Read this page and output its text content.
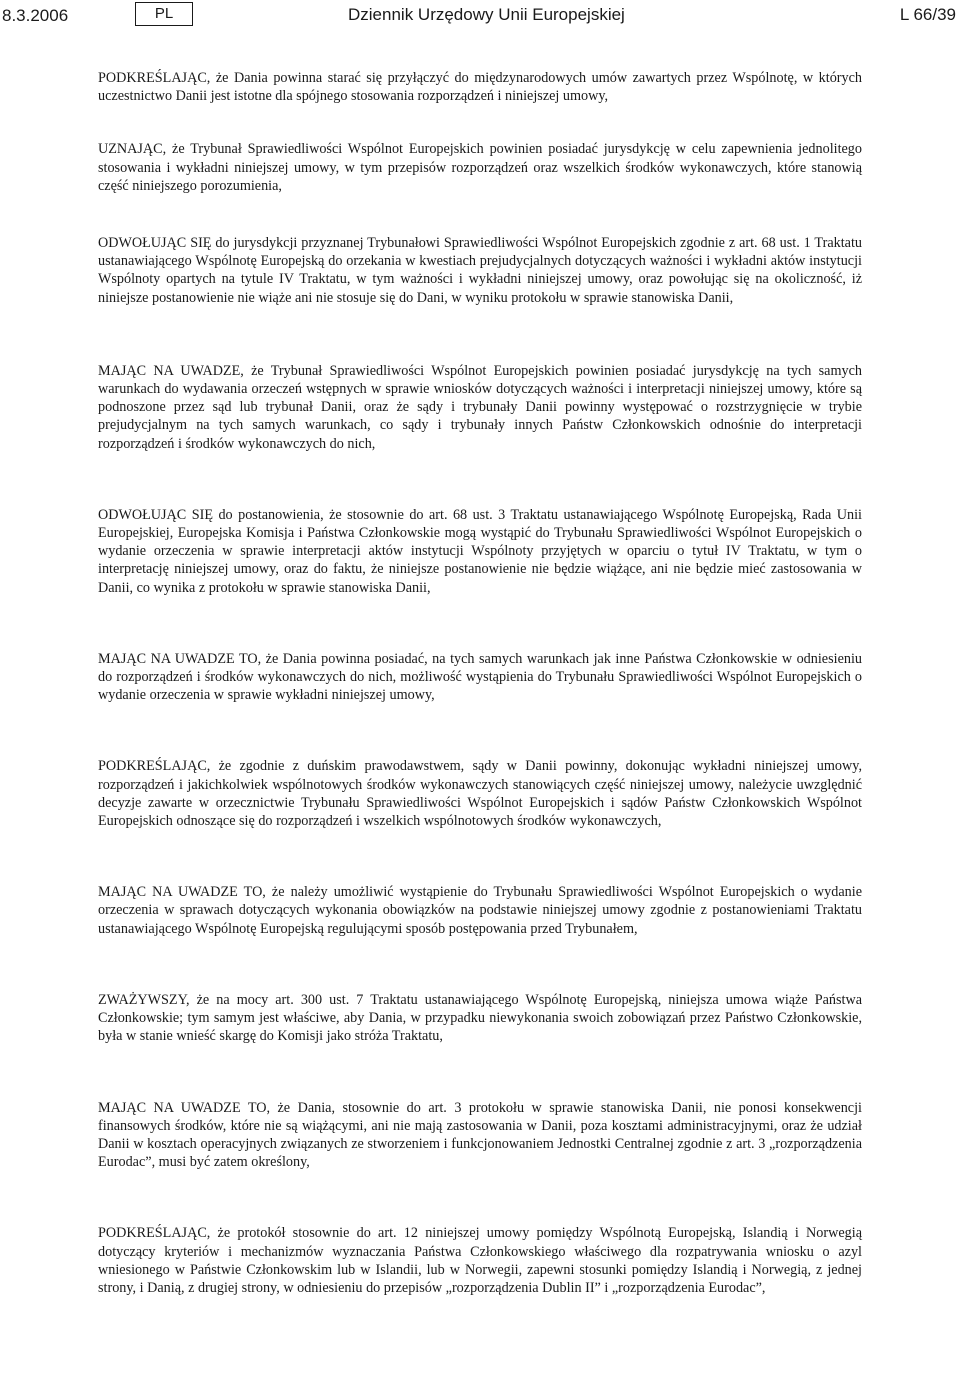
8.3.2006	PL	Dziennik Urzędowy Unii Europejskiej	L 66/39

PODKREŚLAJĄC, że Dania powinna starać się przyłączyć do międzynarodowych umów zawartych przez Wspólnotę, w których uczestnictwo Danii jest istotne dla spójnego stosowania rozporządzeń i niniejszej umowy,

UZNAJĄC, że Trybunał Sprawiedliwości Wspólnot Europejskich powinien posiadać jurysdykcję w celu zapewnienia jednolitego stosowania i wykładni niniejszej umowy, w tym przepisów rozporządzeń oraz wszelkich środków wykonawczych, które stanowią część niniejszego porozumienia,

ODWOŁUJĄC SIĘ do jurysdykcji przyznanej Trybunałowi Sprawiedliwości Wspólnot Europejskich zgodnie z art. 68 ust. 1 Traktatu ustanawiającego Wspólnotę Europejską do orzekania w kwestiach prejudycjalnych dotyczących ważności i wykładni aktów instytucji Wspólnoty opartych na tytule IV Traktatu, w tym ważności i wykładni niniejszej umowy, oraz powołując się na okoliczność, iż niniejsze postanowienie nie wiąże ani nie stosuje się do Dani, w wyniku protokołu w sprawie stanowiska Danii,

MAJĄC NA UWADZE, że Trybunał Sprawiedliwości Wspólnot Europejskich powinien posiadać jurysdykcję na tych samych warunkach do wydawania orzeczeń wstępnych w sprawie wniosków dotyczących ważności i interpretacji niniejszej umowy, które są podnoszone przez sąd lub trybunał Danii, oraz że sądy i trybunały Danii powinny występować o rozstrzygnięcie w trybie prejudycjalnym na tych samych warunkach, co sądy i trybunały innych Państw Członkowskich odnośnie do interpretacji rozporządzeń i środków wykonawczych do nich,

ODWOŁUJĄC SIĘ do postanowienia, że stosownie do art. 68 ust. 3 Traktatu ustanawiającego Wspólnotę Europejską, Rada Unii Europejskiej, Europejska Komisja i Państwa Członkowskie mogą wystąpić do Trybunału Sprawiedliwości Wspólnot Europejskich o wydanie orzeczenia w sprawie interpretacji aktów instytucji Wspólnoty przyjętych w oparciu o tytuł IV Traktatu, w tym o interpretację niniejszej umowy, oraz do faktu, że niniejsze postanowienie nie będzie wiążące, ani nie będzie mieć zastosowania w Danii, co wynika z protokołu w sprawie stanowiska Danii,

MAJĄC NA UWADZE TO, że Dania powinna posiadać, na tych samych warunkach jak inne Państwa Członkowskie w odniesieniu do rozporządzeń i środków wykonawczych do nich, możliwość wystąpienia do Trybunału Sprawiedliwości Wspólnot Europejskich o wydanie orzeczenia w sprawie wykładni niniejszej umowy,

PODKREŚLAJĄC, że zgodnie z duńskim prawodawstwem, sądy w Danii powinny, dokonując wykładni niniejszej umowy, rozporządzeń i jakichkolwiek wspólnotowych środków wykonawczych stanowiących część niniejszej umowy, należycie uwzględnić decyzje zawarte w orzecznictwie Trybunału Sprawiedliwości Wspólnot Europejskich i sądów Państw Członkowskich Wspólnot Europejskich odnoszące się do rozporządzeń i wszelkich wspólnotowych środków wykonawczych,

MAJĄC NA UWADZE TO, że należy umożliwić wystąpienie do Trybunału Sprawiedliwości Wspólnot Europejskich o wydanie orzeczenia w sprawach dotyczących wykonania obowiązków na podstawie niniejszej umowy zgodnie z postanowieniami Traktatu ustanawiającego Wspólnotę Europejską regulującymi sposób postępowania przed Trybunałem,

ZWAŻYWSZY, że na mocy art. 300 ust. 7 Traktatu ustanawiającego Wspólnotę Europejską, niniejsza umowa wiąże Państwa Członkowskie; tym samym jest właściwe, aby Dania, w przypadku niewykonania swoich zobowiązań przez Państwo Członkowskie, była w stanie wnieść skargę do Komisji jako stróża Traktatu,

MAJĄC NA UWADZE TO, że Dania, stosownie do art. 3 protokołu w sprawie stanowiska Danii, nie ponosi konsekwencji finansowych środków, które nie są wiążącymi, ani nie mają zastosowania w Danii, poza kosztami administracyjnymi, oraz że udział Danii w kosztach operacyjnych związanych ze stworzeniem i funkcjonowaniem Jednostki Centralnej zgodnie z art. 3 „rozporządzenia Eurodac”, musi być zatem określony,

PODKREŚLAJĄC, że protokół stosownie do art. 12 niniejszej umowy pomiędzy Wspólnotą Europejską, Islandią i Norwegią dotyczący kryteriów i mechanizmów wyznaczania Państwa Członkowskiego właściwego dla rozpatrywania wniosku o azyl wniesionego w Państwie Członkowskim lub w Islandii, lub w Norwegii, zapewni stosunki pomiędzy Islandią i Norwegią, z jednej strony, i Danią, z drugiej strony, w odniesieniu do przepisów „rozporządzenia Dublin II” i „rozporządzenia Eurodac”,
